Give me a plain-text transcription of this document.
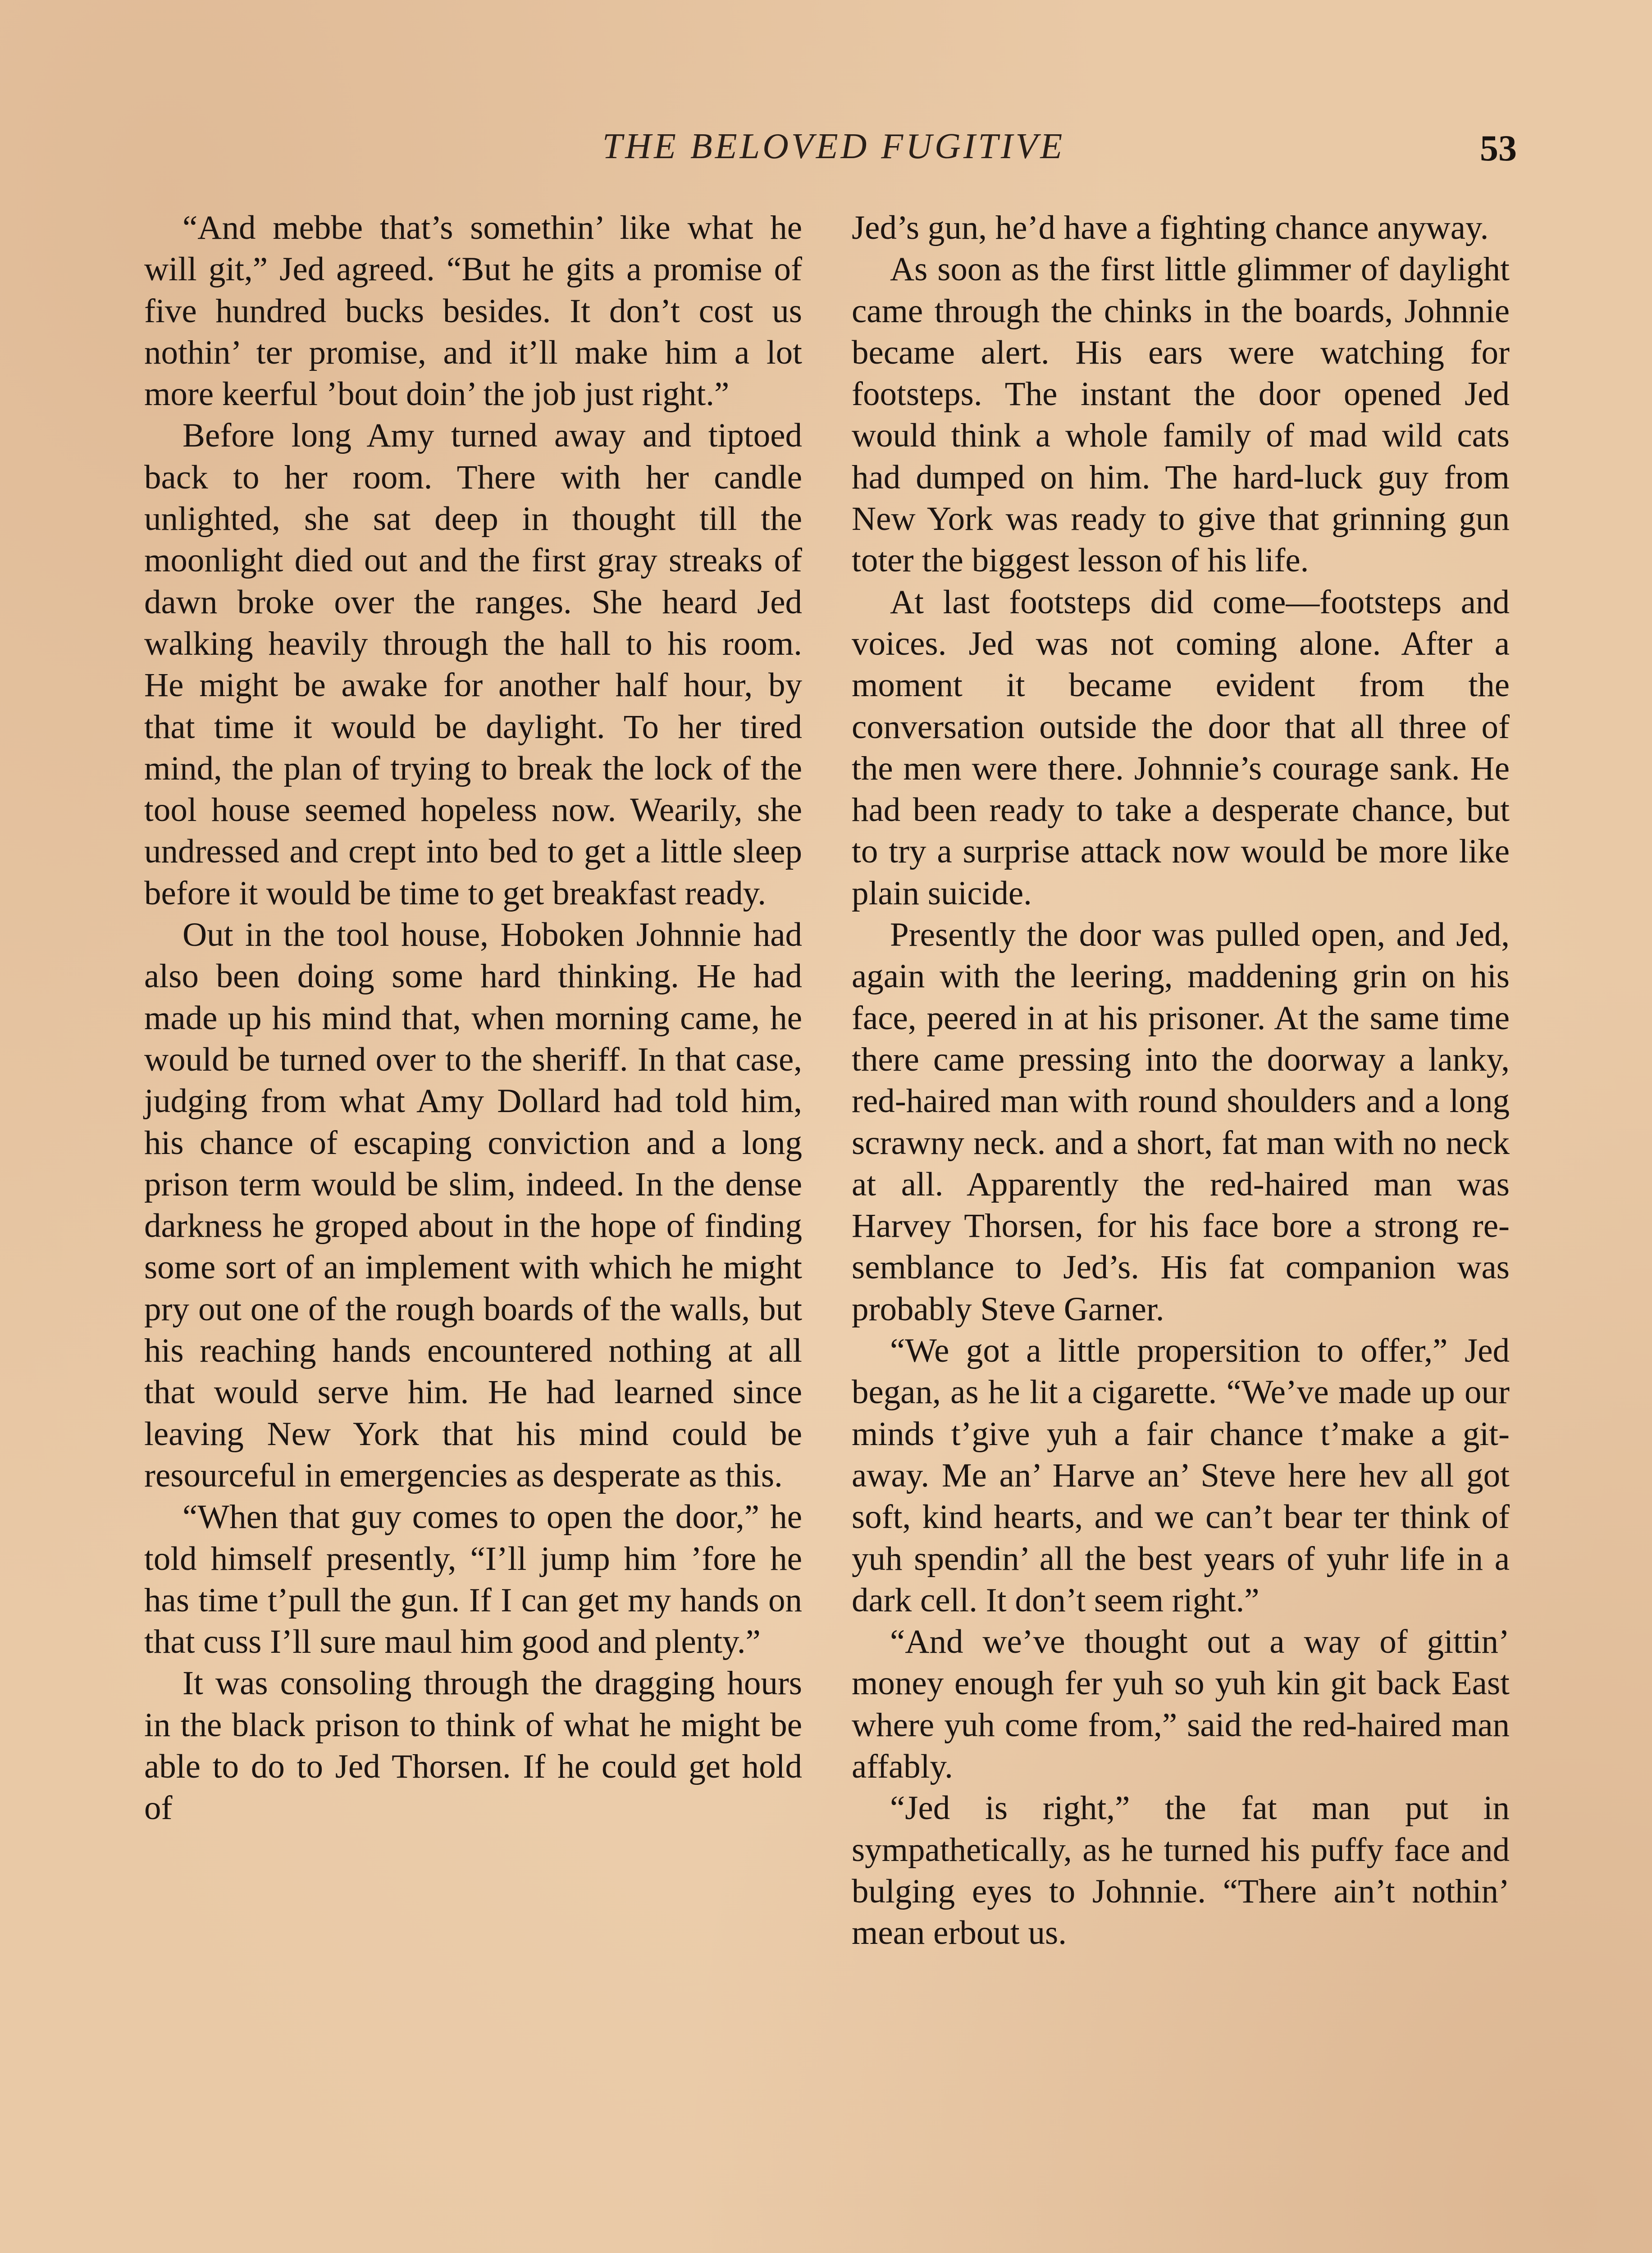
THE BELOVED FUGITIVE	53

“And mebbe that’s somethin’ like what he will git,” Jed agreed. “But he gits a promise of five hundred bucks besides. It don’t cost us nothin’ ter promise, and it’ll make him a lot more keerful ’bout doin’ the job just right.”

Before long Amy turned away and tiptoed back to her room. There with her candle unlighted, she sat deep in thought till the moonlight died out and the first gray streaks of dawn broke over the ranges. She heard Jed walking heavily through the hall to his room. He might be awake for another half hour, by that time it would be daylight. To her tired mind, the plan of trying to break the lock of the tool house seemed hopeless now. Wearily, she undressed and crept into bed to get a little sleep before it would be time to get breakfast ready.

Out in the tool house, Hoboken Johnnie had also been doing some hard thinking. He had made up his mind that, when morning came, he would be turned over to the sheriff. In that case, judging from what Amy Dollard had told him, his chance of escaping conviction and a long prison term would be slim, indeed. In the dense darkness he groped about in the hope of finding some sort of an implement with which he might pry out one of the rough boards of the walls, but his reaching hands encountered nothing at all that would serve him. He had learned since leaving New York that his mind could be resourceful in emergencies as desperate as this.

“When that guy comes to open the door,” he told himself presently, “I’ll jump him ’fore he has time t’pull the gun. If I can get my hands on that cuss I’ll sure maul him good and plenty.”

It was consoling through the dragging hours in the black prison to think of what he might be able to do to Jed Thorsen. If he could get hold of

Jed’s gun, he’d have a fighting chance anyway.

As soon as the first little glimmer of daylight came through the chinks in the boards, Johnnie became alert. His ears were watching for footsteps. The instant the door opened Jed would think a whole family of mad wild cats had dumped on him. The hard-luck guy from New York was ready to give that grinning gun toter the biggest lesson of his life.

At last footsteps did come—footsteps and voices. Jed was not coming alone. After a moment it became evident from the conversation outside the door that all three of the men were there. Johnnie’s courage sank. He had been ready to take a desperate chance, but to try a surprise attack now would be more like plain suicide.

Presently the door was pulled open, and Jed, again with the leering, maddening grin on his face, peered in at his prisoner. At the same time there came pressing into the doorway a lanky, red-haired man with round shoulders and a long scrawny neck. and a short, fat man with no neck at all. Apparently the red-haired man was Harvey Thorsen, for his face bore a strong resemblance to Jed’s. His fat companion was probably Steve Garner.

“We got a little propersition to offer,” Jed began, as he lit a cigarette. “We’ve made up our minds t’give yuh a fair chance t’make a git-away. Me an’ Harve an’ Steve here hev all got soft, kind hearts, and we can’t bear ter think of yuh spendin’ all the best years of yuhr life in a dark cell. It don’t seem right.”

“And we’ve thought out a way of gittin’ money enough fer yuh so yuh kin git back East where yuh come from,” said the red-haired man affably.

“Jed is right,” the fat man put in sympathetically, as he turned his puffy face and bulging eyes to Johnnie. “There ain’t nothin’ mean erbout us.
